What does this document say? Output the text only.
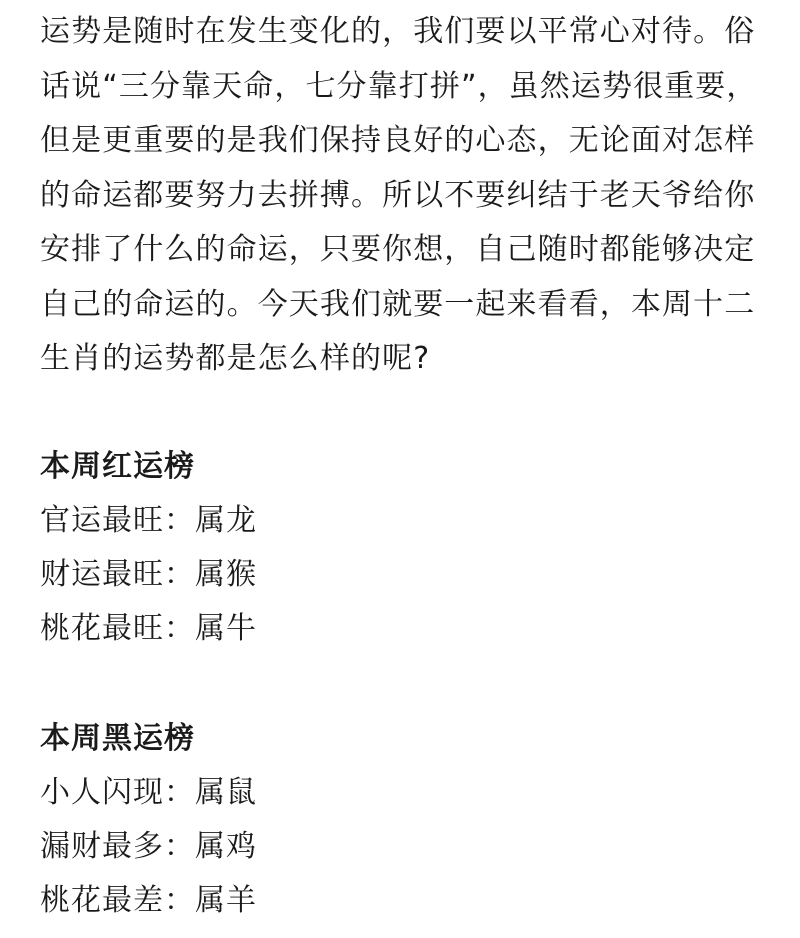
运势是随时在发生变化的，我们要以平常心对待。俗话说“三分靠天命，七分靠打拼”，虽然运势很重要，但是更重要的是我们保持良好的心态，无论面对怎样的命运都要努力去拼搏。所以不要纠结于老天爷给你安排了什么的命运，只要你想，自己随时都能够决定自己的命运的。今天我们就要一起来看看，本周十二生肖的运势都是怎么样的呢?

本周红运榜
官运最旺：属龙
财运最旺：属猴
桃花最旺：属牛
本周黑运榜
小人闪现：属鼠
漏财最多：属鸡
桃花最差：属羊
